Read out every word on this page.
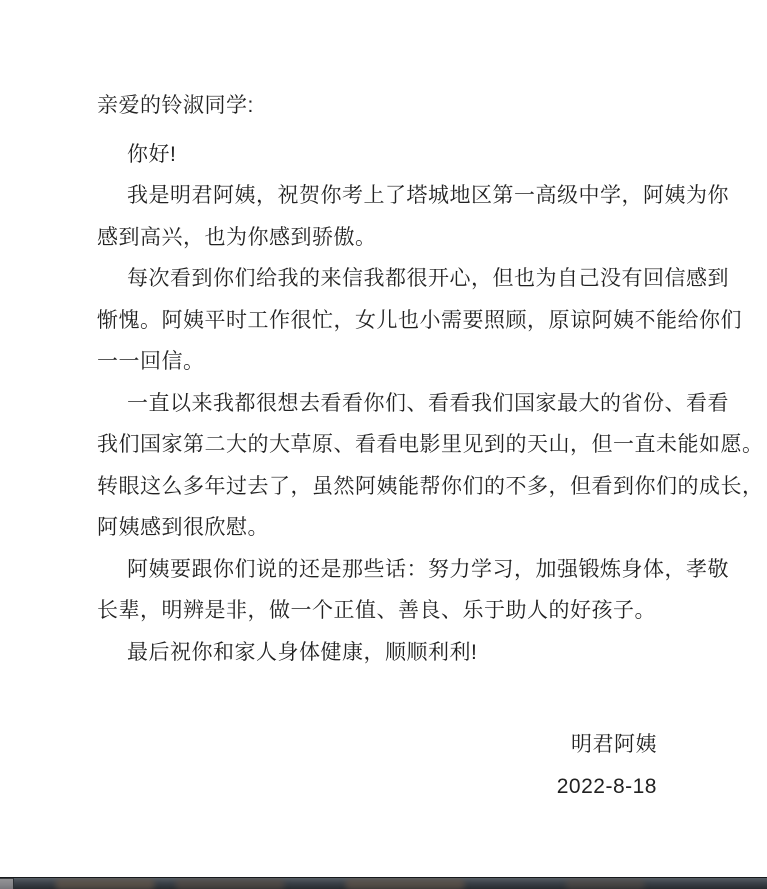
亲爱的铃淑同学:
你好!
我是明君阿姨，祝贺你考上了塔城地区第一高级中学，阿姨为你
感到高兴，也为你感到骄傲。
每次看到你们给我的来信我都很开心，但也为自己没有回信感到
惭愧。阿姨平时工作很忙，女儿也小需要照顾，原谅阿姨不能给你们
一一回信。
一直以来我都很想去看看你们、看看我们国家最大的省份、看看
我们国家第二大的大草原、看看电影里见到的天山，但一直未能如愿。
转眼这么多年过去了，虽然阿姨能帮你们的不多，但看到你们的成长，
阿姨感到很欣慰。
阿姨要跟你们说的还是那些话：努力学习，加强锻炼身体，孝敬
长辈，明辨是非，做一个正值、善良、乐于助人的好孩子。
最后祝你和家人身体健康，顺顺利利!
明君阿姨
2022-8-18
